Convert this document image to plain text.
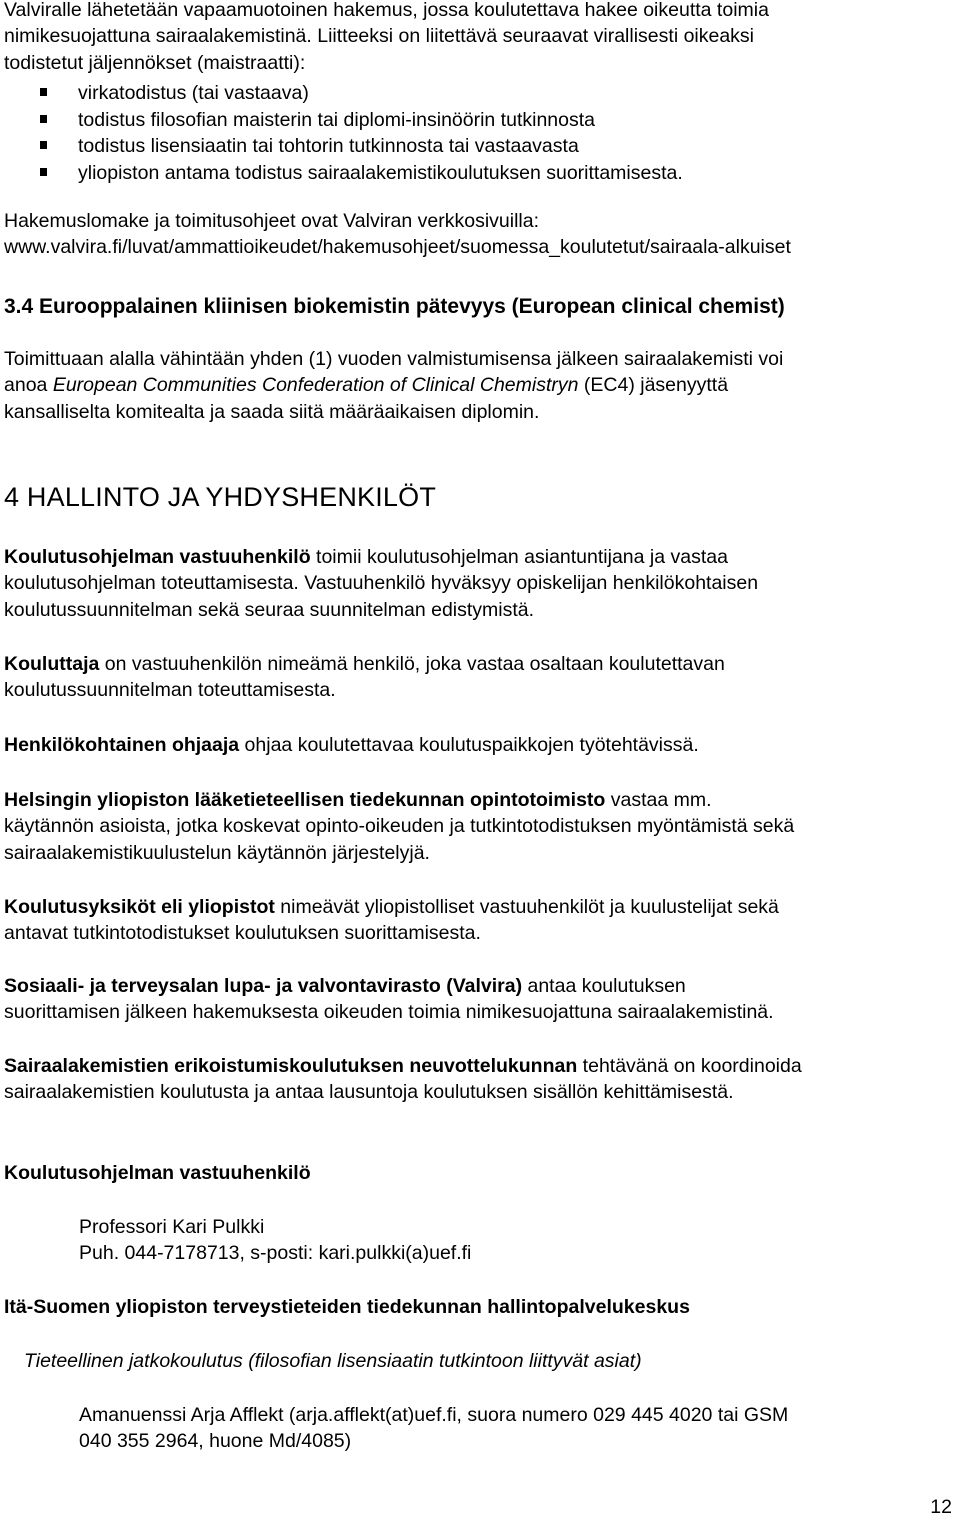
Valviralle lähetetään vapaamuotoinen hakemus, jossa koulutettava hakee oikeutta toimia
nimikesuojattuna sairaalakemistinä. Liitteeksi on liitettävä seuraavat virallisesti oikeaksi
todistetut jäljennökset (maistraatti):
virkatodistus (tai vastaava)
todistus filosofian maisterin tai diplomi-insinöörin tutkinnosta
todistus lisensiaatin tai tohtorin tutkinnosta tai vastaavasta
yliopiston antama todistus sairaalakemistikoulutuksen suorittamisesta.
Hakemuslomake ja toimitusohjeet ovat Valviran verkkosivuilla:
www.valvira.fi/luvat/ammattioikeudet/hakemusohjeet/suomessa_koulutetut/sairaala-alkuiset
3.4 Eurooppalainen kliinisen biokemistin pätevyys (European clinical chemist)
Toimittuaan alalla vähintään yhden (1) vuoden valmistumisensa jälkeen sairaalakemisti voi
anoa European Communities Confederation of Clinical Chemistryn (EC4) jäsenyyttä
kansalliselta komitealta ja saada siitä määräaikaisen diplomin.
4 HALLINTO JA YHDYSHENKILÖT
Koulutusohjelman vastuuhenkilö toimii koulutusohjelman asiantuntijana ja vastaa
koulutusohjelman toteuttamisesta. Vastuuhenkilö hyväksyy opiskelijan henkilökohtaisen
koulutussuunnitelman sekä seuraa suunnitelman edistymistä.
Kouluttaja on vastuuhenkilön nimeämä henkilö, joka vastaa osaltaan koulutettavan
koulutussuunnitelman toteuttamisesta.
Henkilökohtainen ohjaaja ohjaa koulutettavaa koulutuspaikkojen työtehtävissä.
Helsingin yliopiston lääketieteellisen tiedekunnan opintotoimisto vastaa mm.
käytännön asioista, jotka koskevat opinto-oikeuden ja tutkintotodistuksen myöntämistä sekä
sairaalakemistikuulustelun käytännön järjestelyjä.
Koulutusyksiköt eli yliopistot nimeävät yliopistolliset vastuuhenkilöt ja kuulustelijat sekä
antavat tutkintotodistukset koulutuksen suorittamisesta.
Sosiaali- ja terveysalan lupa- ja valvontavirasto (Valvira) antaa koulutuksen
suorittamisen jälkeen hakemuksesta oikeuden toimia nimikesuojattuna sairaalakemistinä.
Sairaalakemistien erikoistumiskoulutuksen neuvottelukunnan tehtävänä on koordinoida
sairaalakemistien koulutusta ja antaa lausuntoja koulutuksen sisällön kehittämisestä.
Koulutusohjelman vastuuhenkilö
Professori Kari Pulkki
Puh. 044-7178713, s-posti: kari.pulkki(a)uef.fi
Itä-Suomen yliopiston terveystieteiden tiedekunnan hallintopalvelukeskus
Tieteellinen jatkokoulutus (filosofian lisensiaatin tutkintoon liittyvät asiat)
Amanuenssi Arja Afflekt (arja.afflekt(at)uef.fi, suora numero 029 445 4020 tai GSM
040 355 2964, huone Md/4085)
12
